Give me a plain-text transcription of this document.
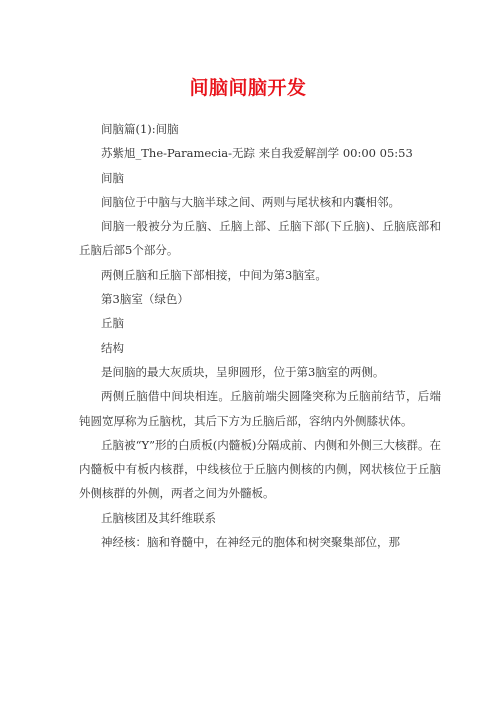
间脑间脑开发

间脑篇(1):间脑

苏紫旭_The-Paramecia-无踪 来自我爱解剖学 00:00 05:53

间脑

间脑位于中脑与大脑半球之间、两则与尾状核和内囊相邻。

间脑一般被分为丘脑、丘脑上部、丘脑下部(下丘脑)、丘脑底部和丘脑后部5个部分。

两侧丘脑和丘脑下部相接，中间为第3脑室。

第3脑室（绿色）

丘脑

结构

是间脑的最大灰质块，呈卵圆形，位于第3脑室的两侧。

两侧丘脑借中间块相连。丘脑前端尖圆隆突称为丘脑前结节，后端钝圆宽厚称为丘脑枕，其后下方为丘脑后部，容纳内外侧膝状体。

丘脑被“Y”形的白质板(内髓板)分隔成前、内侧和外侧三大核群。在内髓板中有板内核群，中线核位于丘脑内侧核的内侧，网状核位于丘脑外侧核群的外侧，两者之间为外髓板。

丘脑核团及其纤维联系

神经核：脑和脊髓中，在神经元的胞体和树突聚集部位，那
